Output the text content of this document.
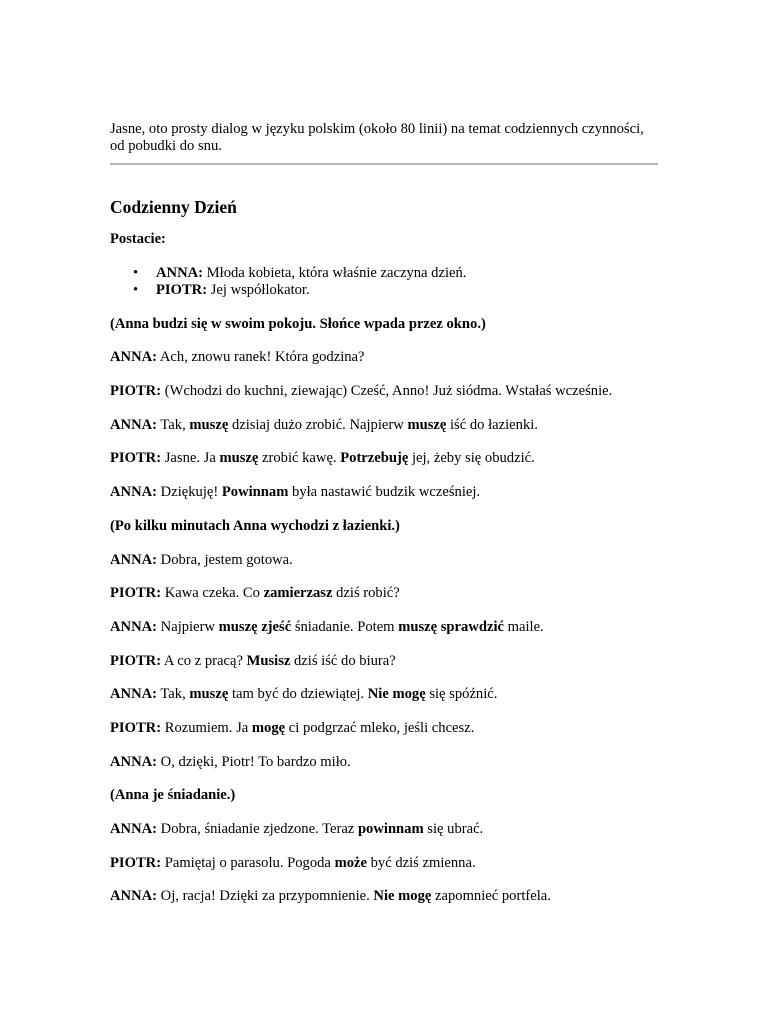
Jasne, oto prosty dialog w języku polskim (około 80 linii) na temat codziennych czynności, od pobudki do snu.

Codzienny Dzień
Postacie:
• ANNA: Młoda kobieta, która właśnie zaczyna dzień.
• PIOTR: Jej współlokator.
(Anna budzi się w swoim pokoju. Słońce wpada przez okno.)
ANNA: Ach, znowu ranek! Która godzina?
PIOTR: (Wchodzi do kuchni, ziewając) Cześć, Anno! Już siódma. Wstałaś wcześnie.
ANNA: Tak, muszę dzisiaj dużo zrobić. Najpierw muszę iść do łazienki.
PIOTR: Jasne. Ja muszę zrobić kawę. Potrzebuję jej, żeby się obudzić.
ANNA: Dziękuję! Powinnam była nastawić budzik wcześniej.
(Po kilku minutach Anna wychodzi z łazienki.)
ANNA: Dobra, jestem gotowa.
PIOTR: Kawa czeka. Co zamierzasz dziś robić?
ANNA: Najpierw muszę zjeść śniadanie. Potem muszę sprawdzić maile.
PIOTR: A co z pracą? Musisz dziś iść do biura?
ANNA: Tak, muszę tam być do dziewiątej. Nie mogę się spóźnić.
PIOTR: Rozumiem. Ja mogę ci podgrzać mleko, jeśli chcesz.
ANNA: O, dzięki, Piotr! To bardzo miło.
(Anna je śniadanie.)
ANNA: Dobra, śniadanie zjedzone. Teraz powinnam się ubrać.
PIOTR: Pamiętaj o parasolu. Pogoda może być dziś zmienna.
ANNA: Oj, racja! Dzięki za przypomnienie. Nie mogę zapomnieć portfela.
